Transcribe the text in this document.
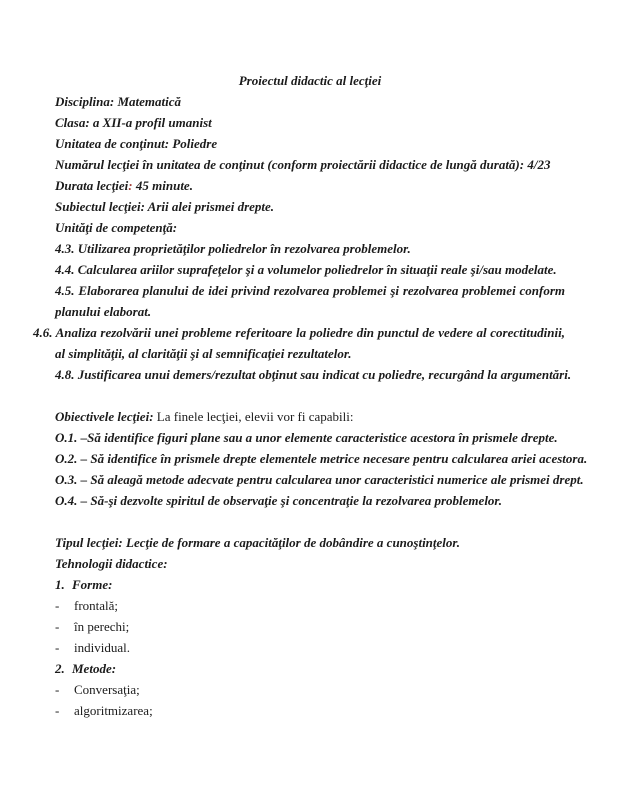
Proiectul didactic al lecţiei

Disciplina: Matematică

Clasa: a XII-a profil umanist

Unitatea de conţinut: Poliedre

Numărul lecţiei în unitatea de conţinut (conform proiectării didactice de lungă durată): 4/23

Durata lecţiei: 45 minute.

Subiectul lecţiei: Arii alei prismei drepte.

Unităţi de competenţă:

4.3. Utilizarea proprietăţilor poliedrelor în rezolvarea problemelor.

4.4. Calcularea ariilor suprafeţelor şi a volumelor poliedrelor în situaţii reale şi/sau modelate.

4.5. Elaborarea planului de idei privind rezolvarea problemei şi rezolvarea problemei conform planului elaborat.

4.6. Analiza rezolvării unei probleme referitoare la poliedre din punctul de vedere al corectitudinii, al simplităţii, al clarităţii şi al semnificaţiei rezultatelor.

4.8. Justificarea unui demers/rezultat obţinut sau indicat cu poliedre, recurgând la argumentări.

Obiectivele lecţiei: La finele lecţiei, elevii vor fi capabili:

O.1. –Să identifice figuri plane sau a unor elemente caracteristice acestora în prismele drepte.

O.2. – Să identifice în prismele drepte elementele metrice necesare pentru calcularea ariei acestora.

O.3. – Să aleagă metode adecvate pentru calcularea unor caracteristici numerice ale prismei drept.

O.4. – Să-şi dezvolte spiritul de observaţie şi concentraţie la rezolvarea problemelor.

Tipul lecţiei: Lecţie de formare a capacităţilor de dobândire a cunoştinţelor.

Tehnologii didactice:

1. Forme:

- frontală;

- în perechi;

- individual.

2. Metode:

- Conversaţia;

- algoritmizarea;
